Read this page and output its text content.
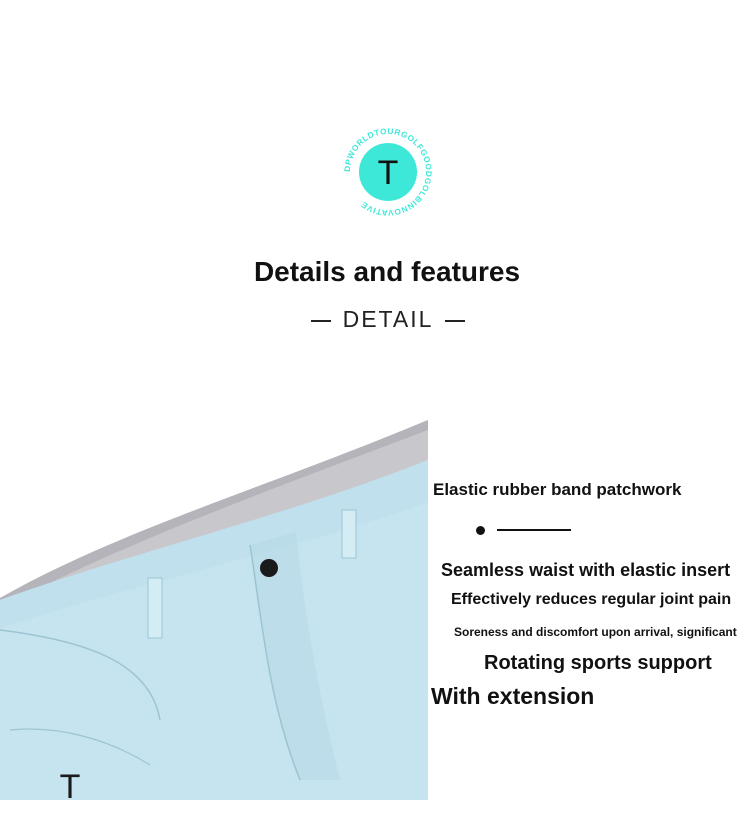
DPWORLDTOURGOLFGOODGOLBINNOVATIVE
T
Details and features
DETAIL
T
Elastic rubber band patchwork
Seamless waist with elastic insert
Effectively reduces regular joint pain
Soreness and discomfort upon arrival, significant
Rotating sports support
With extension
